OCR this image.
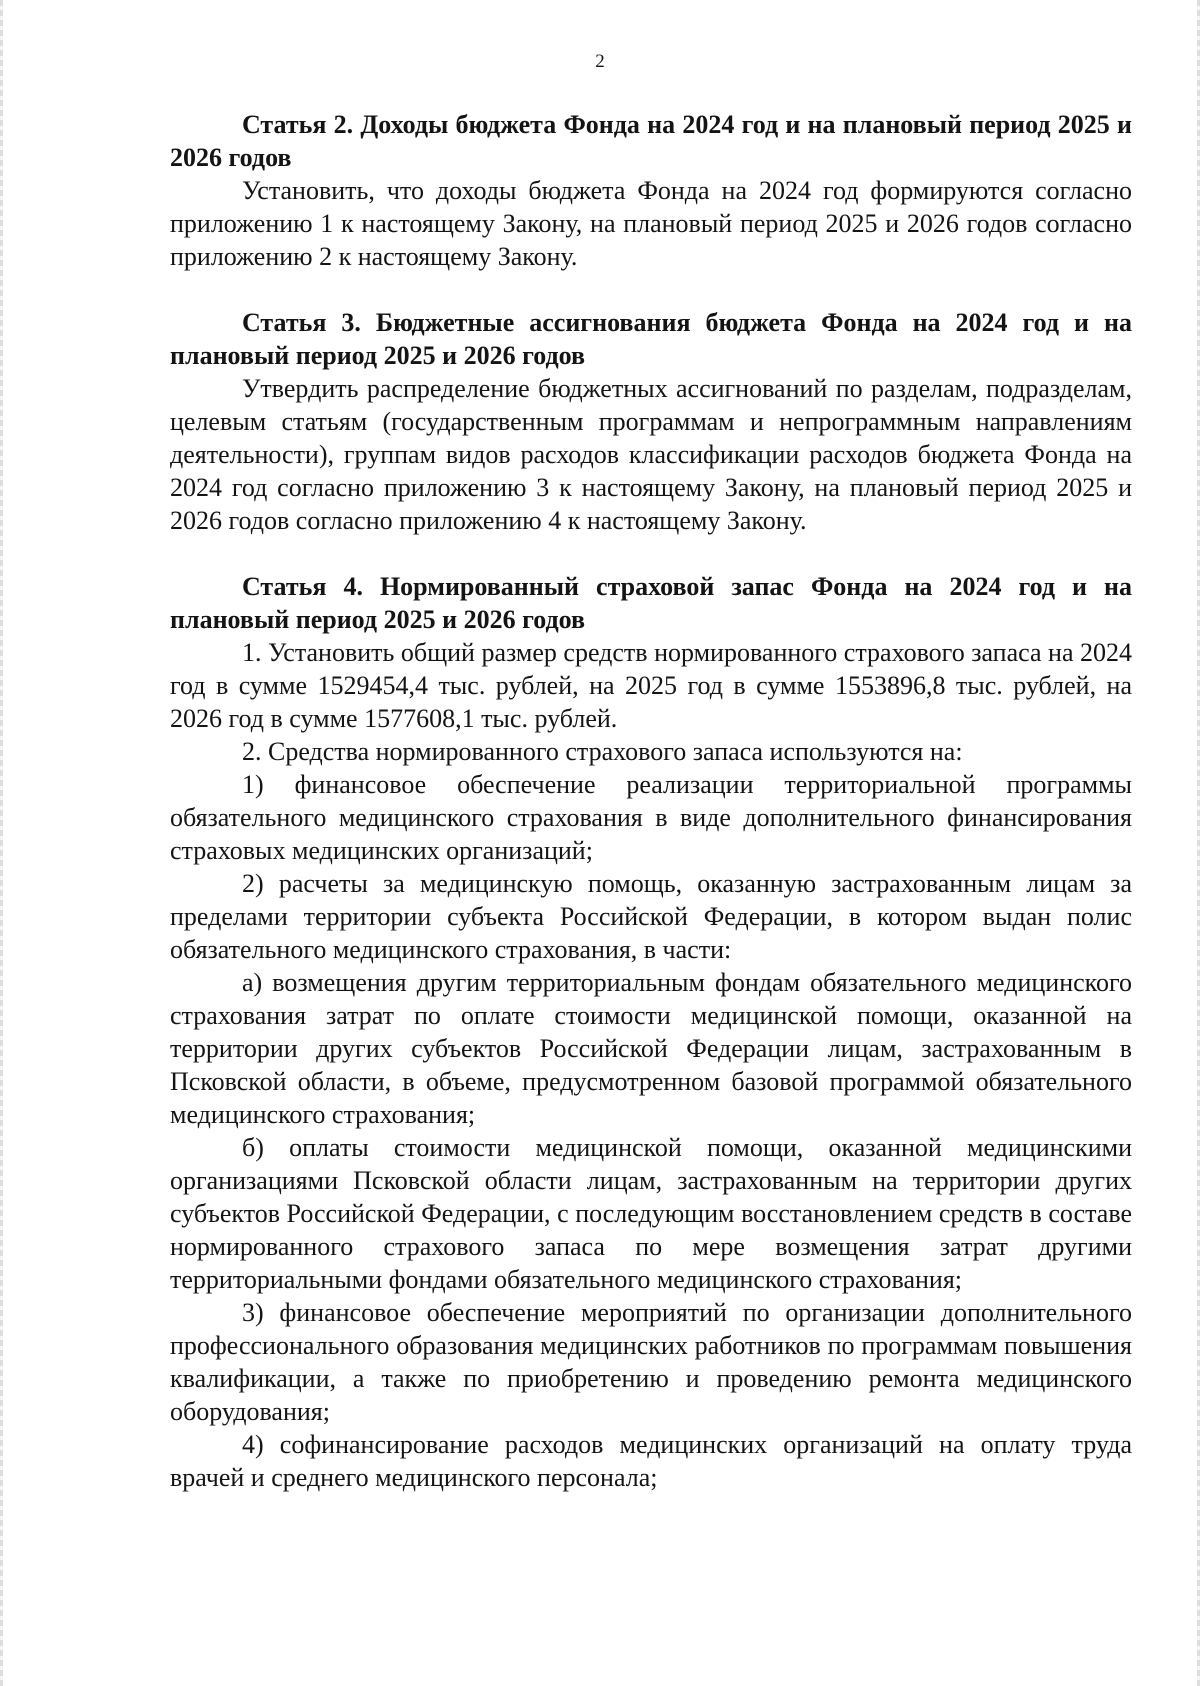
2
Статья 2. Доходы бюджета Фонда на 2024 год и на плановый период 2025 и 2026 годов

Установить, что доходы бюджета Фонда на 2024 год формируются согласно приложению 1 к настоящему Закону, на плановый период 2025 и 2026 годов согласно приложению 2 к настоящему Закону.

Статья 3. Бюджетные ассигнования бюджета Фонда на 2024 год и на плановый период 2025 и 2026 годов

Утвердить распределение бюджетных ассигнований по разделам, подразделам, целевым статьям (государственным программам и непрограммным направлениям деятельности), группам видов расходов классификации расходов бюджета Фонда на 2024 год согласно приложению 3 к настоящему Закону, на плановый период 2025 и 2026 годов согласно приложению 4 к настоящему Закону.

Статья 4. Нормированный страховой запас Фонда на 2024 год и на плановый период 2025 и 2026 годов

1. Установить общий размер средств нормированного страхового запаса на 2024 год в сумме 1529454,4 тыс. рублей, на 2025 год в сумме 1553896,8 тыс. рублей, на 2026 год в сумме 1577608,1 тыс. рублей.

2. Средства нормированного страхового запаса используются на:

1) финансовое обеспечение реализации территориальной программы обязательного медицинского страхования в виде дополнительного финансирования страховых медицинских организаций;

2) расчеты за медицинскую помощь, оказанную застрахованным лицам за пределами территории субъекта Российской Федерации, в котором выдан полис обязательного медицинского страхования, в части:

а) возмещения другим территориальным фондам обязательного медицинского страхования затрат по оплате стоимости медицинской помощи, оказанной на территории других субъектов Российской Федерации лицам, застрахованным в Псковской области, в объеме, предусмотренном базовой программой обязательного медицинского страхования;

б) оплаты стоимости медицинской помощи, оказанной медицинскими организациями Псковской области лицам, застрахованным на территории других субъектов Российской Федерации, с последующим восстановлением средств в составе нормированного страхового запаса по мере возмещения затрат другими территориальными фондами обязательного медицинского страхования;

3) финансовое обеспечение мероприятий по организации дополнительного профессионального образования медицинских работников по программам повышения квалификации, а также по приобретению и проведению ремонта медицинского оборудования;

4) софинансирование расходов медицинских организаций на оплату труда врачей и среднего медицинского персонала;
